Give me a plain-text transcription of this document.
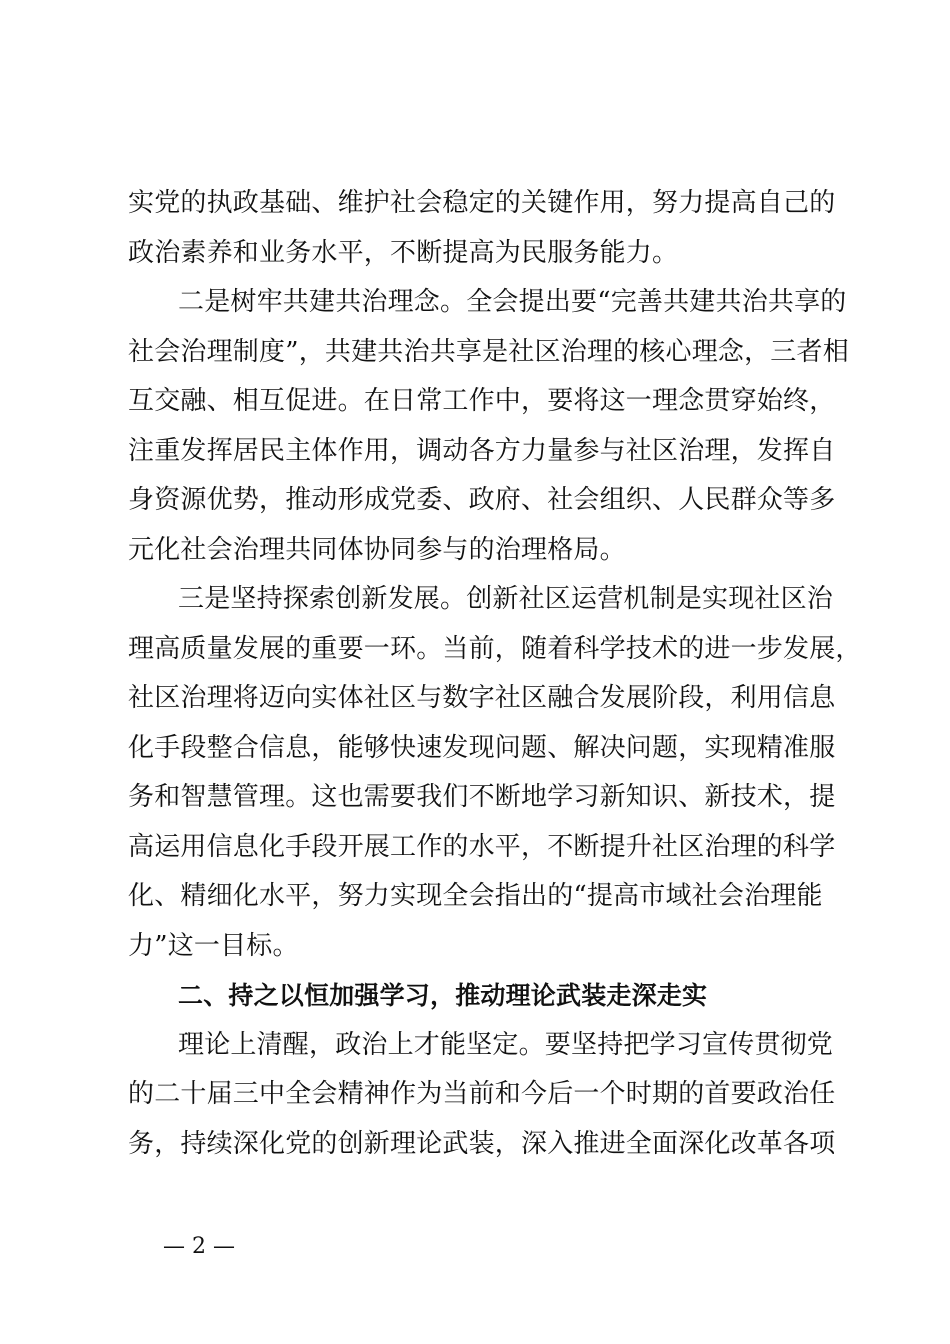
实党的执政基础、维护社会稳定的关键作用，努力提高自己的
政治素养和业务水平，不断提高为民服务能力。
二是树牢共建共治理念。全会提出要“完善共建共治共享的
社会治理制度”，共建共治共享是社区治理的核心理念，三者相
互交融、相互促进。在日常工作中，要将这一理念贯穿始终，
注重发挥居民主体作用，调动各方力量参与社区治理，发挥自
身资源优势，推动形成党委、政府、社会组织、人民群众等多
元化社会治理共同体协同参与的治理格局。
三是坚持探索创新发展。创新社区运营机制是实现社区治
理高质量发展的重要一环。当前，随着科学技术的进一步发展，
社区治理将迈向实体社区与数字社区融合发展阶段，利用信息
化手段整合信息，能够快速发现问题、解决问题，实现精准服
务和智慧管理。这也需要我们不断地学习新知识、新技术，提
高运用信息化手段开展工作的水平，不断提升社区治理的科学
化、精细化水平，努力实现全会指出的“提高市域社会治理能
力”这一目标。
二、持之以恒加强学习，推动理论武装走深走实
理论上清醒，政治上才能坚定。要坚持把学习宣传贯彻党
的二十届三中全会精神作为当前和今后一个时期的首要政治任
务，持续深化党的创新理论武装，深入推进全面深化改革各项
— 2 —
